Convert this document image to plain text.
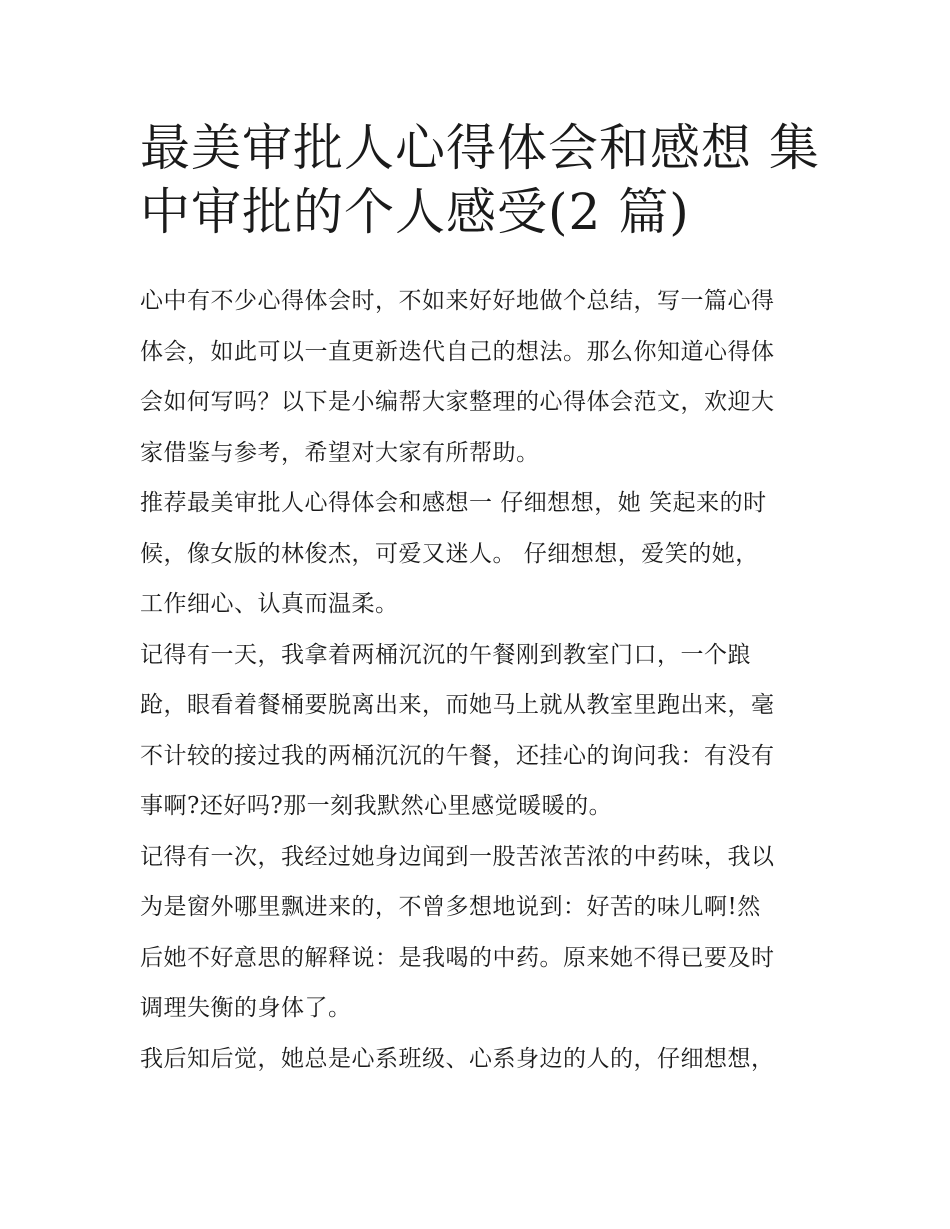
最美审批人心得体会和感想 集
中审批的个人感受(2 篇)
心中有不少心得体会时，不如来好好地做个总结，写一篇心得
体会，如此可以一直更新迭代自己的想法。那么你知道心得体
会如何写吗？以下是小编帮大家整理的心得体会范文，欢迎大
家借鉴与参考，希望对大家有所帮助。
推荐最美审批人心得体会和感想一 仔细想想，她 笑起来的时
候，像女版的林俊杰，可爱又迷人。 仔细想想，爱笑的她，
工作细心、认真而温柔。
记得有一天，我拿着两桶沉沉的午餐刚到教室门口，一个踉
跄，眼看着餐桶要脱离出来，而她马上就从教室里跑出来，毫
不计较的接过我的两桶沉沉的午餐，还挂心的询问我：有没有
事啊?还好吗?那一刻我默然心里感觉暖暖的。
记得有一次，我经过她身边闻到一股苦浓苦浓的中药味，我以
为是窗外哪里飘进来的，不曾多想地说到：好苦的味儿啊!然
后她不好意思的解释说：是我喝的中药。原来她不得已要及时
调理失衡的身体了。
我后知后觉，她总是心系班级、心系身边的人的，仔细想想，
